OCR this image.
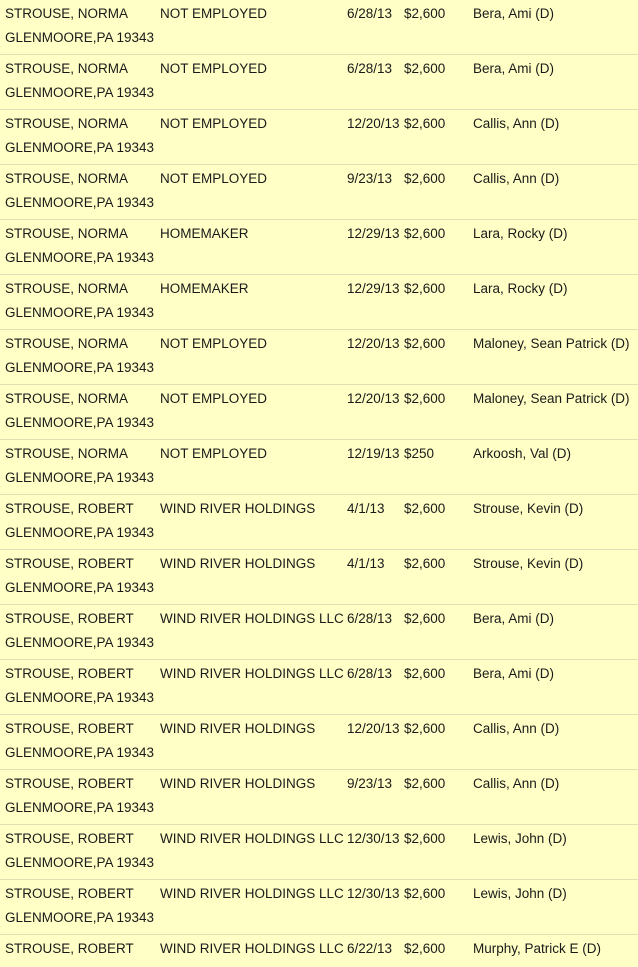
STROUSE, NORMA NOT EMPLOYED	6/28/13 $2,600 Bera, Ami (D)
GLENMOORE,PA 19343
STROUSE, NORMA NOT EMPLOYED	6/28/13 $2,600 Bera, Ami (D)
GLENMOORE,PA 19343
STROUSE, NORMA NOT EMPLOYED	12/20/13 $2,600 Callis, Ann (D)
GLENMOORE,PA 19343
STROUSE, NORMA NOT EMPLOYED	9/23/13 $2,600 Callis, Ann (D)
GLENMOORE,PA 19343
STROUSE, NORMA HOMEMAKER	12/29/13 $2,600 Lara, Rocky (D)
GLENMOORE,PA 19343
STROUSE, NORMA HOMEMAKER	12/29/13 $2,600 Lara, Rocky (D)
GLENMOORE,PA 19343
STROUSE, NORMA NOT EMPLOYED	12/20/13 $2,600 Maloney, Sean Patrick (D)
GLENMOORE,PA 19343
STROUSE, NORMA NOT EMPLOYED	12/20/13 $2,600 Maloney, Sean Patrick (D)
GLENMOORE,PA 19343
STROUSE, NORMA NOT EMPLOYED	12/19/13 $250	Arkoosh, Val (D)
GLENMOORE,PA 19343
STROUSE, ROBERT WIND RIVER HOLDINGS 4/1/13 $2,600 Strouse, Kevin (D)
GLENMOORE,PA 19343
STROUSE, ROBERT WIND RIVER HOLDINGS 4/1/13 $2,600 Strouse, Kevin (D)
GLENMOORE,PA 19343
STROUSE, ROBERT WIND RIVER HOLDINGS LLC 6/28/13 $2,600 Bera, Ami (D)
GLENMOORE,PA 19343
STROUSE, ROBERT WIND RIVER HOLDINGS LLC 6/28/13 $2,600 Bera, Ami (D)
GLENMOORE,PA 19343
STROUSE, ROBERT WIND RIVER HOLDINGS 12/20/13 $2,600 Callis, Ann (D)
GLENMOORE,PA 19343
STROUSE, ROBERT WIND RIVER HOLDINGS 9/23/13 $2,600 Callis, Ann (D)
GLENMOORE,PA 19343
STROUSE, ROBERT WIND RIVER HOLDINGS LLC 12/30/13 $2,600 Lewis, John (D)
GLENMOORE,PA 19343
STROUSE, ROBERT WIND RIVER HOLDINGS LLC 12/30/13 $2,600 Lewis, John (D)
GLENMOORE,PA 19343
STROUSE, ROBERT WIND RIVER HOLDINGS LLC 6/22/13 $2,600 Murphy, Patrick E (D)
